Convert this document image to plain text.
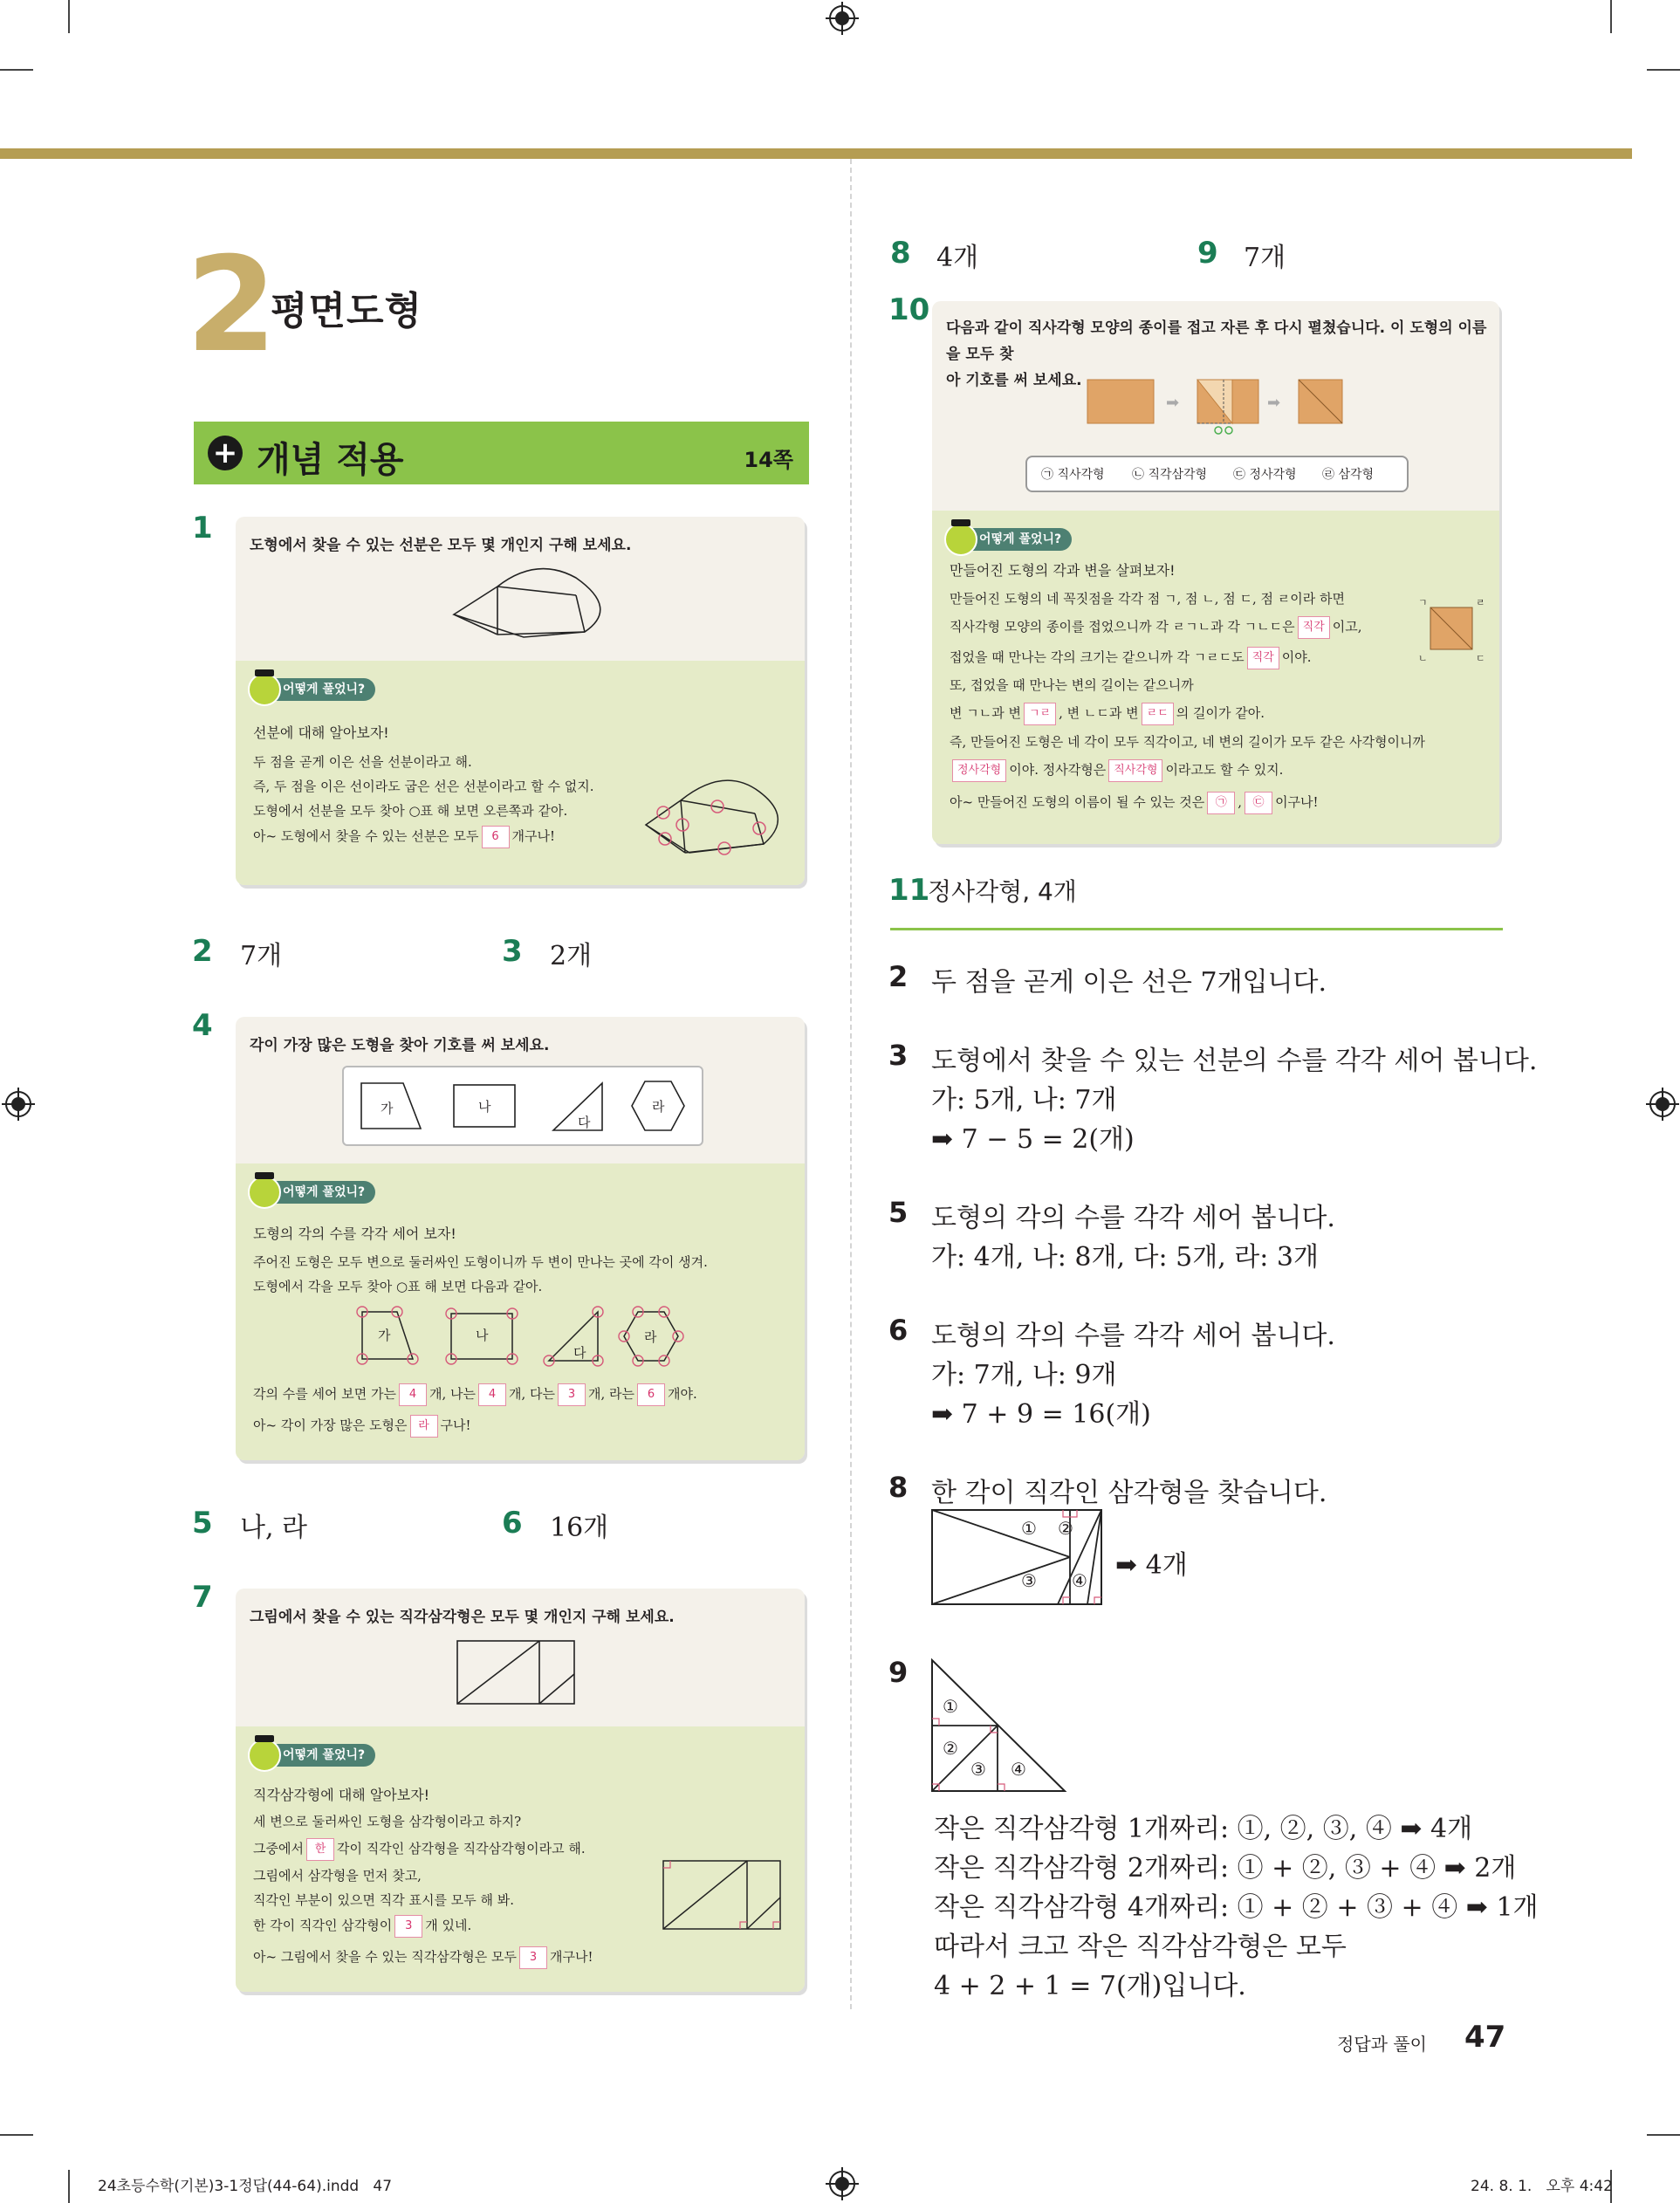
2
평면도형
+ 개념 적용	14쪽
1 도형에서 찾을 수 있는 선분은 모두 몇 개인지 구해 보세요.
어떻게 풀었니?
선분에 대해 알아보자!
두 점을 곧게 이은 선을 선분이라고 해.
즉, 두 점을 이은 선이라도 굽은 선은 선분이라고 할 수 없지.
도형에서 선분을 모두 찾아 ○표 해 보면 오른쪽과 같아.
아~ 도형에서 찾을 수 있는 선분은 모두 6 개구나!
2 7개	3 2개
4
각이 가장 많은 도형을 찾아 기호를 써 보세요.
가	나
다
라
어떻게 풀었니?
도형의 각의 수를 각각 세어 보자!
주어진 도형은 모두 변으로 둘러싸인 도형이니까 두 변이 만나는 곳에 각이 생겨.
도형에서 각을 모두 찾아 ○표 해 보면 다음과 같아.
가	나
다
라
각의 수를 세어 보면 가는 4 개, 나는 4 개, 다는 3 개, 라는 6 개야.
아~ 각이 가장 많은 도형은 라 구나!
5 나, 라	6 16개
7
그림에서 찾을 수 있는 직각삼각형은 모두 몇 개인지 구해 보세요.
어떻게 풀었니?
직각삼각형에 대해 알아보자!
세 변으로 둘러싸인 도형을 삼각형이라고 하지?
그중에서 한 각이 직각인 삼각형을 직각삼각형이라고 해.
그림에서 삼각형을 먼저 찾고,
직각인 부분이 있으면 직각 표시를 모두 해 봐.
한 각이 직각인 삼각형이 3 개 있네.
아~ 그림에서 찾을 수 있는 직각삼각형은 모두 3 개구나!
8 4개	9 7개
10
다음과 같이 직사각형 모양의 종이를 접고 자른 후 다시 펼쳤습니다. 이 도형의 이름을 모두 찾
아 기호를 써 보세요.
➡	➡
㉠ 직사각형 ㉡ 직각삼각형 ㉢ 정사각형 ㉣ 삼각형
어떻게 풀었니?
만들어진 도형의 각과 변을 살펴보자!
만들어진 도형의 네 꼭짓점을 각각 점 ㄱ, 점 ㄴ, 점 ㄷ, 점 ㄹ이라 하면
직사각형 모양의 종이를 접었으니까 각 ㄹㄱㄴ과 각 ㄱㄴㄷ은 직각 이고,
접었을 때 만나는 각의 크기는 같으니까 각 ㄱㄹㄷ도 직각 이야.
또, 접었을 때 만나는 변의 길이는 같으니까
변 ㄱㄴ과 변 ㄱㄹ , 변 ㄴㄷ과 변 ㄹㄷ 의 길이가 같아.
즉, 만들어진 도형은 네 각이 모두 직각이고, 네 변의 길이가 모두 같은 사각형이니까
정사각형 이야. 정사각형은 직사각형 이라고도 할 수 있지.
아~ 만들어진 도형의 이름이 될 수 있는 것은 ㉠ , ㉢ 이구나!
ㄱ	ㄹ
ㄴ	ㄷ
11
정사각형, 4개
2 두 점을 곧게 이은 선은 7개입니다.
3 도형에서 찾을 수 있는 선분의 수를 각각 세어 봅니다.
가: 5개, 나: 7개
➡ 7 − 5 = 2(개)
5 도형의 각의 수를 각각 세어 봅니다.
가: 4개, 나: 8개, 다: 5개, 라: 3개
6 도형의 각의 수를 각각 세어 봅니다.
가: 7개, 나: 9개
➡ 7 + 9 = 16(개)
8 한 각이 직각인 삼각형을 찾습니다.
① ②
③ ④ ➡ 4개
9
①
②
③ ④
작은 직각삼각형 1개짜리: ①, ②, ③, ④ ➡ 4개
작은 직각삼각형 2개짜리: ① + ②, ③ + ④ ➡ 2개
작은 직각삼각형 4개짜리: ① + ② + ③ + ④ ➡ 1개
따라서 크고 작은 직각삼각형은 모두
4 + 2 + 1 = 7(개)입니다.
정답과 풀이 47
24초등수학(기본)3-1정답(44-64).indd   47	24. 8. 1.   오후 4:42
